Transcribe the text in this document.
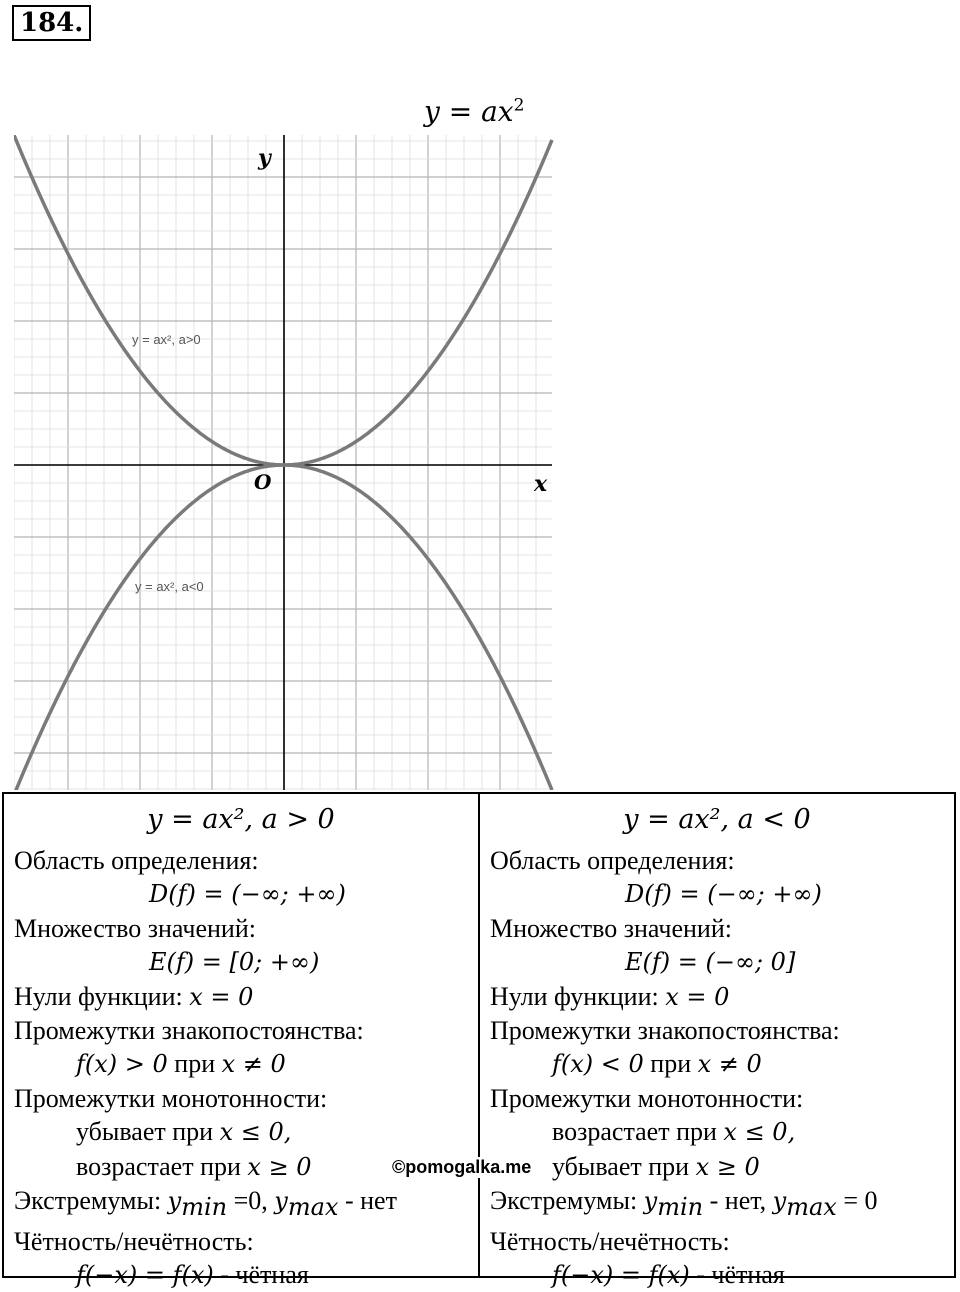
184.
$y = ax^2$
y
x
O
y = ax², a>0
y = ax², a<0
y = ax², a > 0
Область определения:
D(f) = (−∞; +∞)
Множество значений:
E(f) = [0; +∞)
Нули функции: x = 0
Промежутки знакопостоянства:
f(x) > 0 при x ≠ 0
Промежутки монотонности:
убывает при x ≤ 0,
возрастает при x ≥ 0
Экстремумы: $y_{min} =0$, $y_{max}$ - нет
Чётность/нечётность:
f(−x) = f(x) - чётная
y = ax², a < 0
Область определения:
D(f) = (−∞; +∞)
Множество значений:
E(f) = (−∞; 0]
Нули функции: x = 0
Промежутки знакопостоянства:
f(x) < 0 при x ≠ 0
Промежутки монотонности:
возрастает при x ≤ 0,
убывает при x ≥ 0
Экстремумы: $y_{min}$ - нет, $y_{max} = 0$
Чётность/нечётность:
f(−x) = f(x) - чётная
©pomogalka.me
